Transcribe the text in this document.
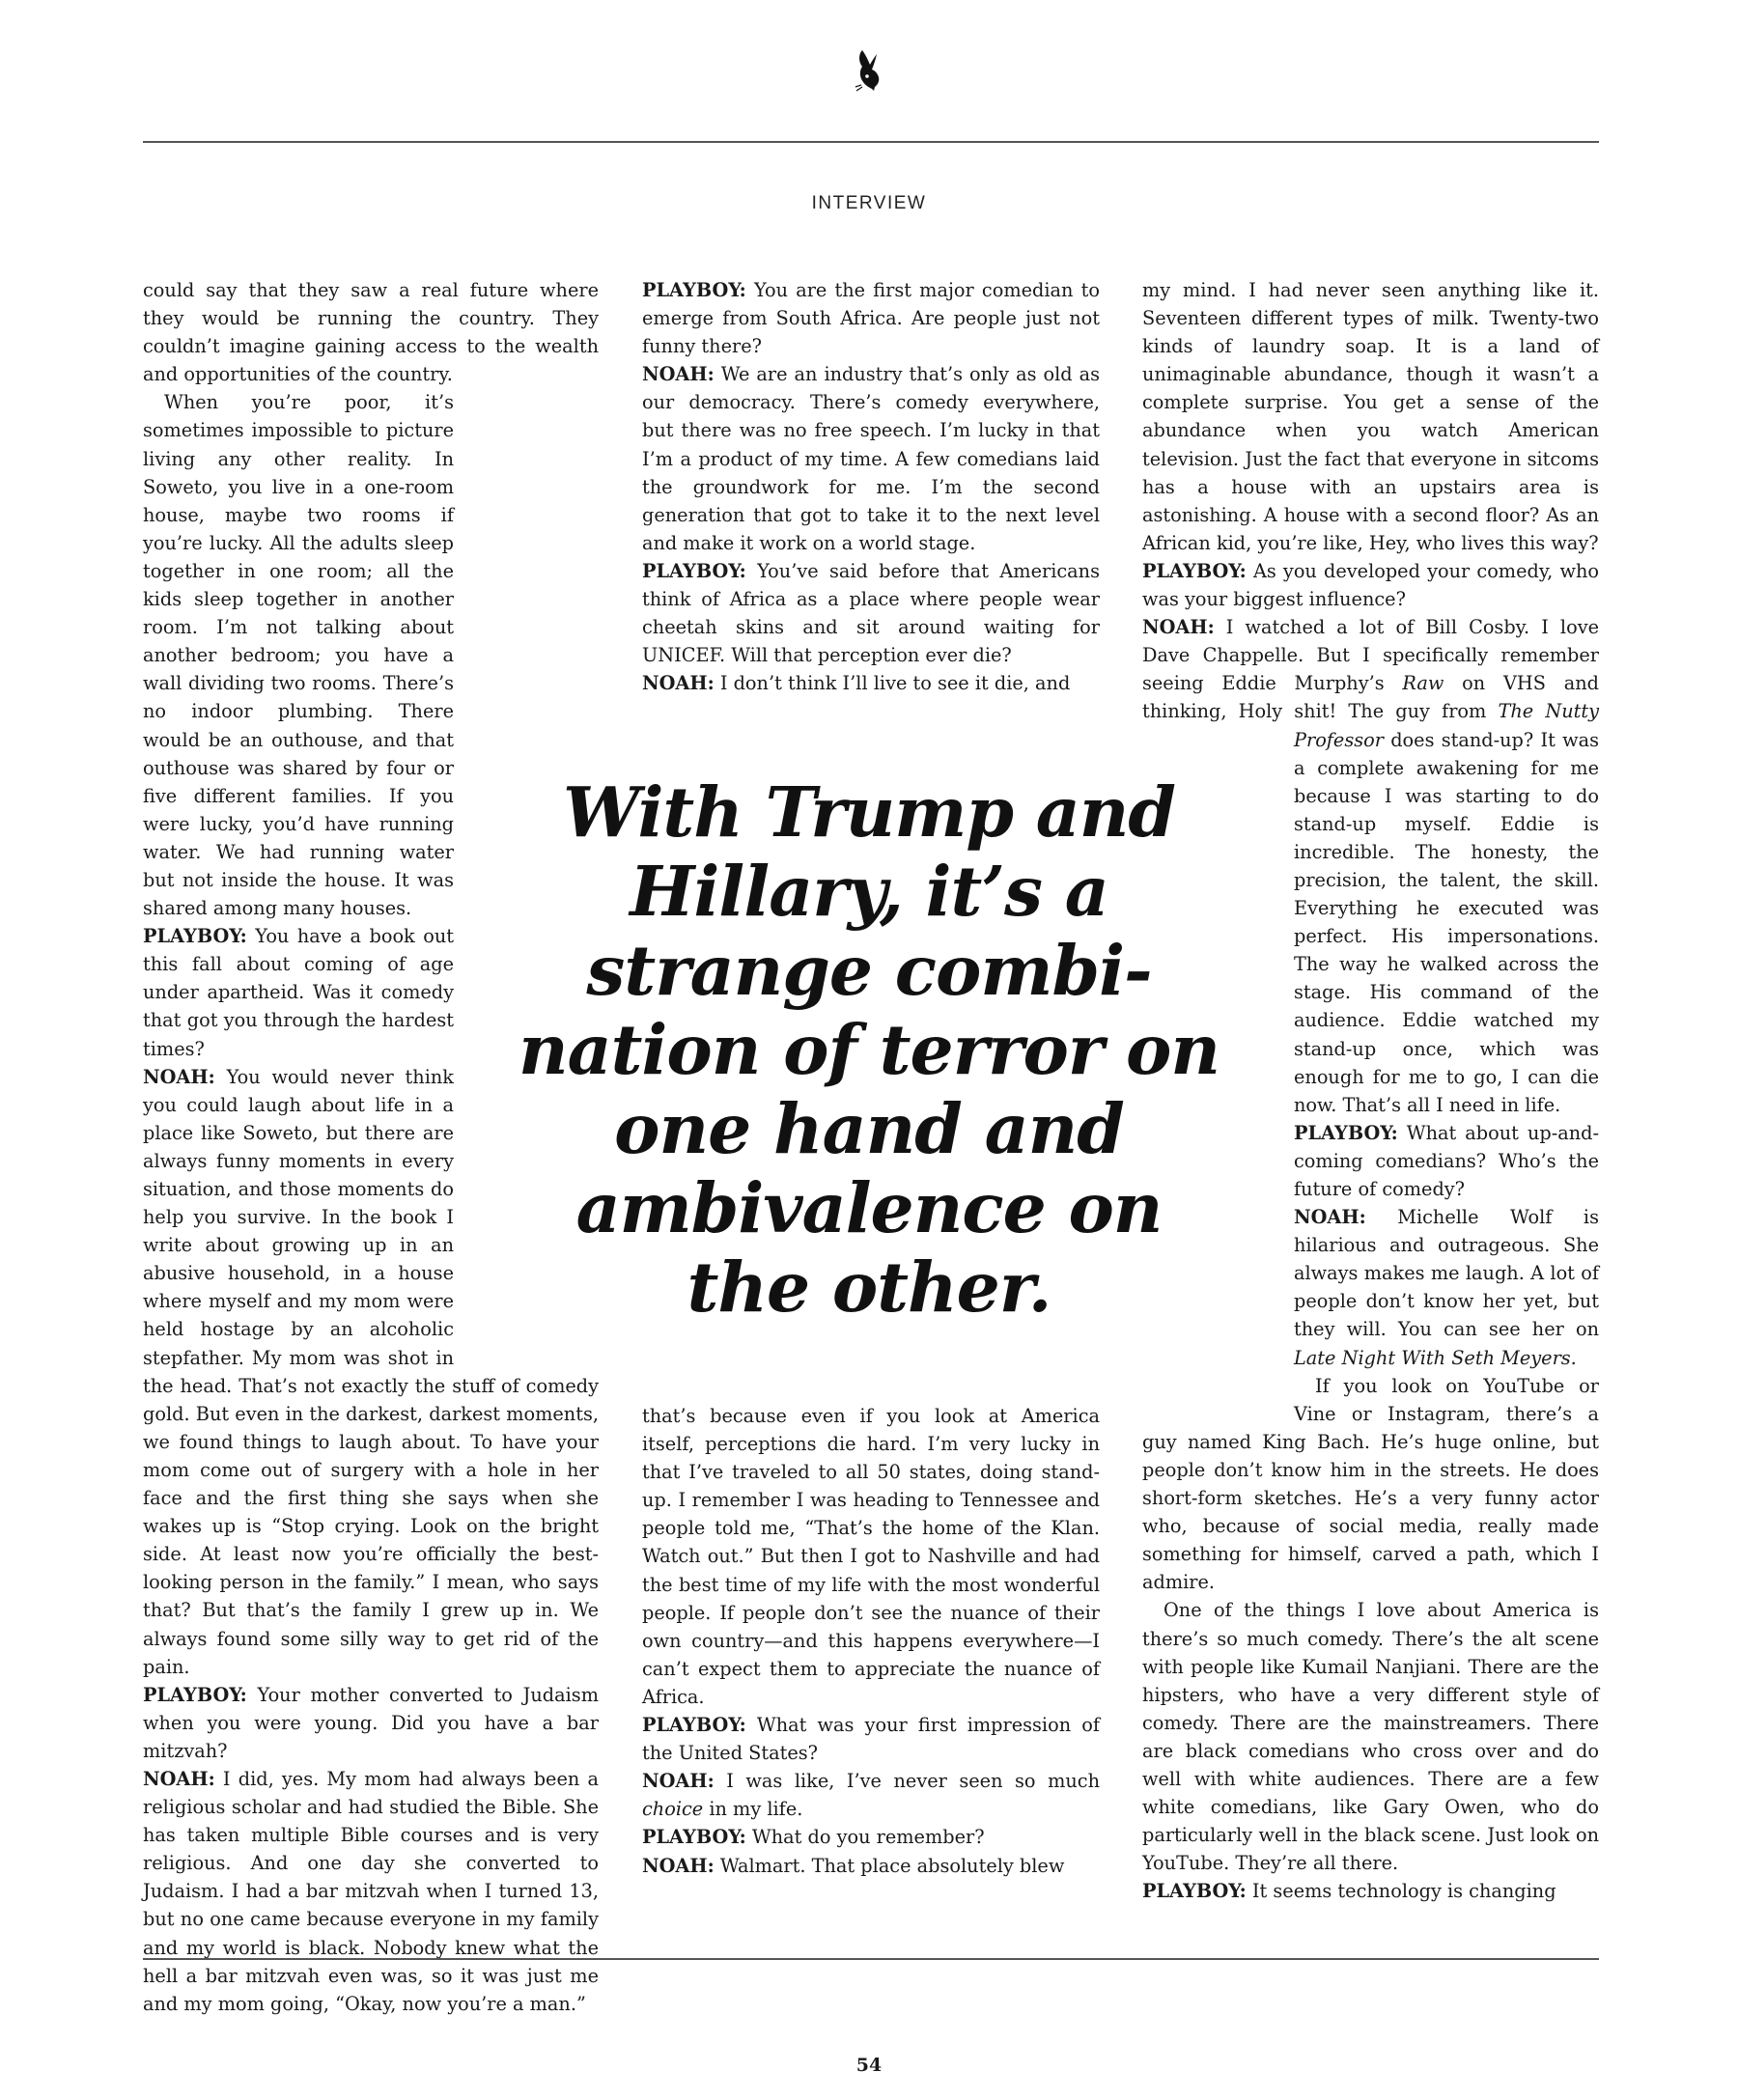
INTERVIEW

could say that they saw a real future where they would be running the country. They couldn’t imagine gaining access to the wealth and opportunities of the country.

When you’re poor, it’s sometimes impossible to picture living any other reality. In Soweto, you live in a one-room house, maybe two rooms if you’re lucky. All the adults sleep together in one room; all the kids sleep together in another room. I’m not talking about another bedroom; you have a wall dividing two rooms. There’s no indoor plumbing. There would be an outhouse, and that outhouse was shared by four or five different families. If you were lucky, you’d have running water. We had running water but not inside the house. It was shared among many houses.

PLAYBOY: You have a book out this fall about coming of age under apartheid. Was it comedy that got you through the hardest times?

NOAH: You would never think you could laugh about life in a place like Soweto, but there are always funny moments in every situation, and those moments do help you survive. In the book I write about growing up in an abusive household, in a house where myself and my mom were held hostage by an alcoholic stepfather. My mom was shot in the head. That’s not exactly the stuff of comedy gold. But even in the darkest, darkest moments, we found things to laugh about. To have your mom come out of surgery with a hole in her face and the first thing she says when she wakes up is “Stop crying. Look on the bright side. At least now you’re officially the best-looking person in the family.” I mean, who says that? But that’s the family I grew up in. We always found some silly way to get rid of the pain.

PLAYBOY: Your mother converted to Judaism when you were young. Did you have a bar mitzvah?

NOAH: I did, yes. My mom had always been a religious scholar and had studied the Bible. She has taken multiple Bible courses and is very religious. And one day she converted to Judaism. I had a bar mitzvah when I turned 13, but no one came because everyone in my family and my world is black. Nobody knew what the hell a bar mitzvah even was, so it was just me and my mom going, “Okay, now you’re a man.”

PLAYBOY: You are the first major comedian to emerge from South Africa. Are people just not funny there?

NOAH: We are an industry that’s only as old as our democracy. There’s comedy everywhere, but there was no free speech. I’m lucky in that I’m a product of my time. A few comedians laid the groundwork for me. I’m the second generation that got to take it to the next level and make it work on a world stage.

PLAYBOY: You’ve said before that Americans think of Africa as a place where people wear cheetah skins and sit around waiting for UNICEF. Will that perception ever die?

NOAH: I don’t think I’ll live to see it die, and

With Trump and Hillary, it’s a strange combi-nation of terror on one hand and ambivalence on the other.

that’s because even if you look at America itself, perceptions die hard. I’m very lucky in that I’ve traveled to all 50 states, doing stand-up. I remember I was heading to Tennessee and people told me, “That’s the home of the Klan. Watch out.” But then I got to Nashville and had the best time of my life with the most wonderful people. If people don’t see the nuance of their own country—and this happens everywhere—I can’t expect them to appreciate the nuance of Africa.

PLAYBOY: What was your first impression of the United States?

NOAH: I was like, I’ve never seen so much choice in my life.

PLAYBOY: What do you remember?

NOAH: Walmart. That place absolutely blew

my mind. I had never seen anything like it. Seventeen different types of milk. Twenty-two kinds of laundry soap. It is a land of unimaginable abundance, though it wasn’t a complete surprise. You get a sense of the abundance when you watch American television. Just the fact that everyone in sitcoms has a house with an upstairs area is astonishing. A house with a second floor? As an African kid, you’re like, Hey, who lives this way?

PLAYBOY: As you developed your comedy, who was your biggest influence?

NOAH: I watched a lot of Bill Cosby. I love Dave Chappelle. But I specifically remember seeing Eddie Murphy’s Raw on VHS and thinking, Holy shit! The guy from
The Nutty Professor does stand-up? It was a complete awakening for me because I was starting to do stand-up myself. Eddie is incredible. The honesty, the precision, the talent, the skill. Everything he executed was perfect. His impersonations. The way he walked across the stage. His command of the audience. Eddie watched my stand-up once, which was enough for me to go, I can die now. That’s all I need in life.

PLAYBOY: What about up-and-coming comedians? Who’s the future of comedy?

NOAH: Michelle Wolf is hilarious and outrageous. She always makes me laugh. A lot of people don’t know her yet, but they will. You can see her on Late Night With Seth Meyers.

If you look on YouTube or Vine or Instagram, there’s a guy named King Bach. He’s huge online, but people don’t know him in the streets. He does short-form sketches. He’s a very funny actor who, because of social media, really made something for himself, carved a path, which I admire.

One of the things I love about America is there’s so much comedy. There’s the alt scene with people like Kumail Nanjiani. There are the hipsters, who have a very different style of comedy. There are the mainstreamers. There are black comedians who cross over and do well with white audiences. There are a few white comedians, like Gary Owen, who do particularly well in the black scene. Just look on YouTube. They’re all there.

PLAYBOY: It seems technology is changing

54
